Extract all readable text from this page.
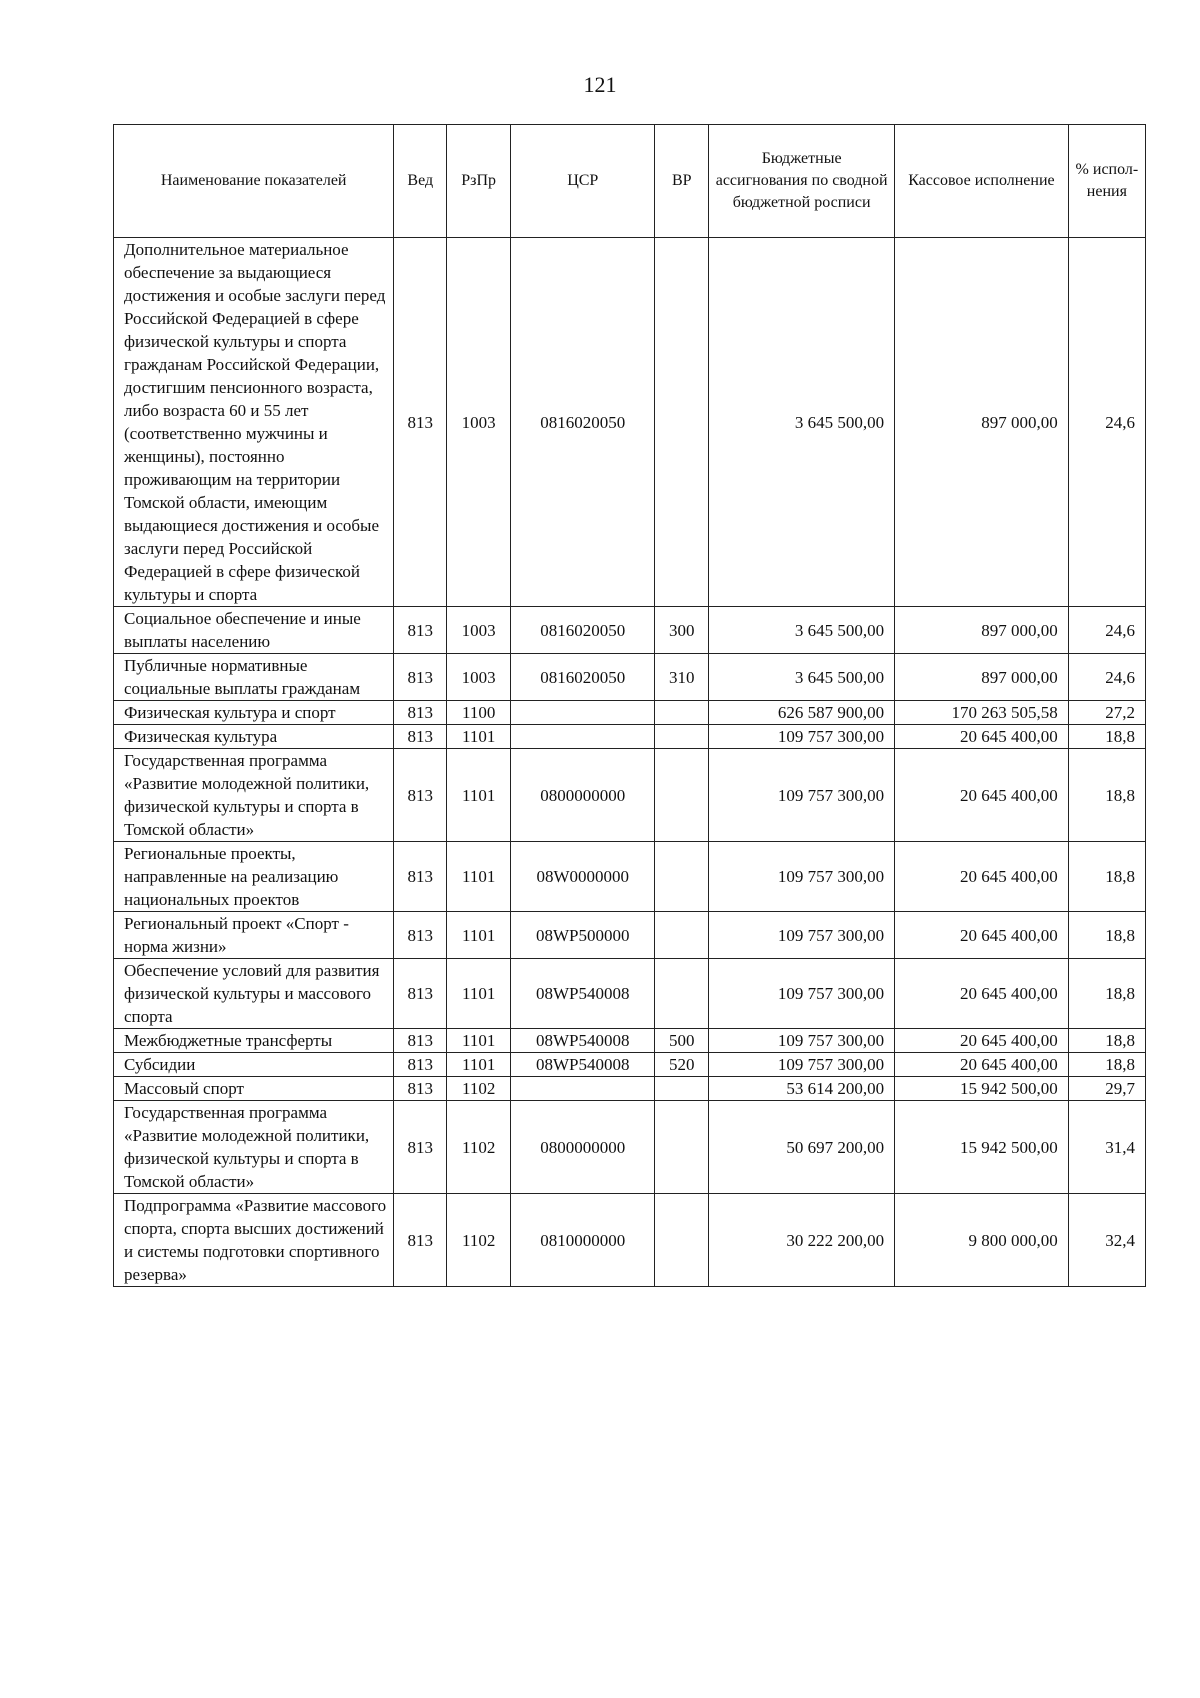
121
Наименование показателей	Вед	РзПр	ЦСР	ВР	Бюджетные ассигнования по сводной бюджетной росписи	Кассовое исполнение	% испол-нения
Дополнительное материальное обеспечение за выдающиеся достижения и особые заслуги перед Российской Федерацией в сфере физической культуры и спорта гражданам Российской Федерации, достигшим пенсионного возраста, либо возраста 60 и 55 лет (соответственно мужчины и женщины), постоянно проживающим на территории Томской области, имеющим выдающиеся достижения и особые заслуги перед Российской Федерацией в сфере физической культуры и спорта	813	1003	0816020050		3 645 500,00	897 000,00	24,6
Социальное обеспечение и иные выплаты населению	813	1003	0816020050	300	3 645 500,00	897 000,00	24,6
Публичные нормативные социальные выплаты гражданам	813	1003	0816020050	310	3 645 500,00	897 000,00	24,6
Физическая культура и спорт	813	1100			626 587 900,00	170 263 505,58	27,2
Физическая культура	813	1101			109 757 300,00	20 645 400,00	18,8
Государственная программа «Развитие молодежной политики, физической культуры и спорта в Томской области»	813	1101	0800000000		109 757 300,00	20 645 400,00	18,8
Региональные проекты, направленные на реализацию национальных проектов	813	1101	08W0000000		109 757 300,00	20 645 400,00	18,8
Региональный проект «Спорт - норма жизни»	813	1101	08WP500000		109 757 300,00	20 645 400,00	18,8
Обеспечение условий для развития физической культуры и массового спорта	813	1101	08WP540008		109 757 300,00	20 645 400,00	18,8
Межбюджетные трансферты	813	1101	08WP540008	500	109 757 300,00	20 645 400,00	18,8
Субсидии	813	1101	08WP540008	520	109 757 300,00	20 645 400,00	18,8
Массовый спорт	813	1102			53 614 200,00	15 942 500,00	29,7
Государственная программа «Развитие молодежной политики, физической культуры и спорта в Томской области»	813	1102	0800000000		50 697 200,00	15 942 500,00	31,4
Подпрограмма «Развитие массового спорта, спорта высших достижений и системы подготовки спортивного резерва»	813	1102	0810000000		30 222 200,00	9 800 000,00	32,4
